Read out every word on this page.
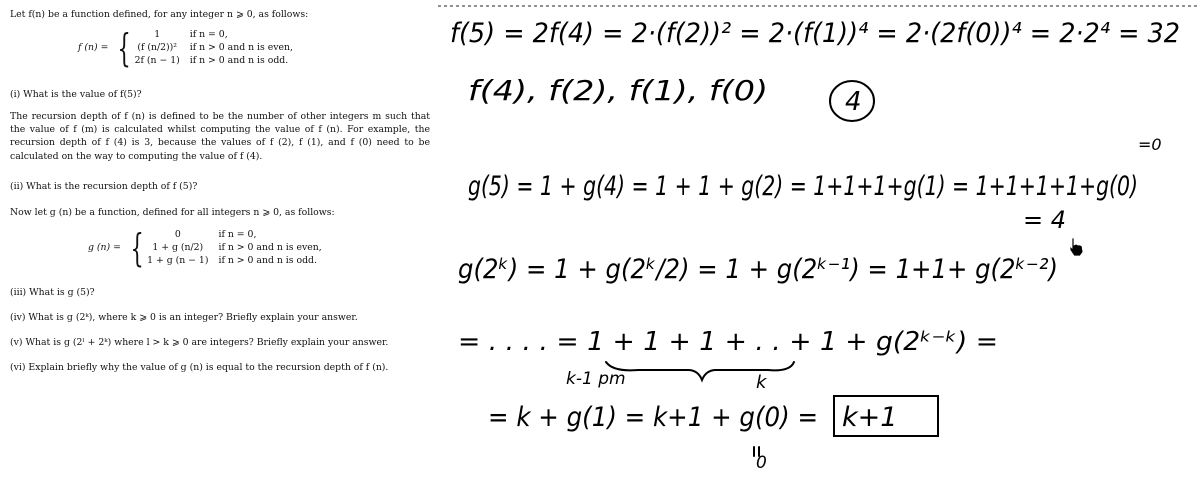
Let f(n) be a function defined, for any integer n ⩾ 0, as follows:

f (n) = {	1	if n = 0,
(f (n/2))² if n > 0 and n is even,
2f (n − 1) if n > 0 and n is odd.

(i) What is the value of f(5)?

The recursion depth of f (n) is defined to be the number of other integers m such that the value of f (m) is calculated whilst computing the value of f (n). For example, the recursion depth of f (4) is 3, because the values of f (2), f (1), and f (0) need to be calculated on the way to computing the value of f (4).

(ii) What is the recursion depth of f (5)?

Now let g (n) be a function, defined for all integers n ⩾ 0, as follows:

g (n) = {	0	if n = 0,
1 + g (n/2)	if n > 0 and n is even,
1 + g (n − 1) if n > 0 and n is odd.

(iii) What is g (5)?

(iv) What is g (2ᵏ), where k ⩾ 0 is an integer? Briefly explain your answer.

(v) What is g (2ˡ + 2ᵏ) where l > k ⩾ 0 are integers? Briefly explain your answer.

(vi) Explain briefly why the value of g (n) is equal to the recursion depth of f (n).

f(5) = 2f(4) = 2·(f(2))² = 2·(f(1))⁴ = 2·(2f(0))⁴ = 2·2⁴ = 32
f(4), f(2), f(1), f(0)	4
=0
g(5) = 1 + g(4) = 1 + 1 + g(2) = 1+1+1+g(1) = 1+1+1+1+g(0)
= 4
g(2ᵏ) = 1 + g(2ᵏ/2) = 1 + g(2ᵏ⁻¹) = 1+1+ g(2ᵏ⁻²)
= . . . . = 1 + 1 + 1 + . . + 1 + g(2ᵏ⁻ᵏ) =
k-1 pm	k
= k + g(1) = k+1 + g(0) = k+1
0
